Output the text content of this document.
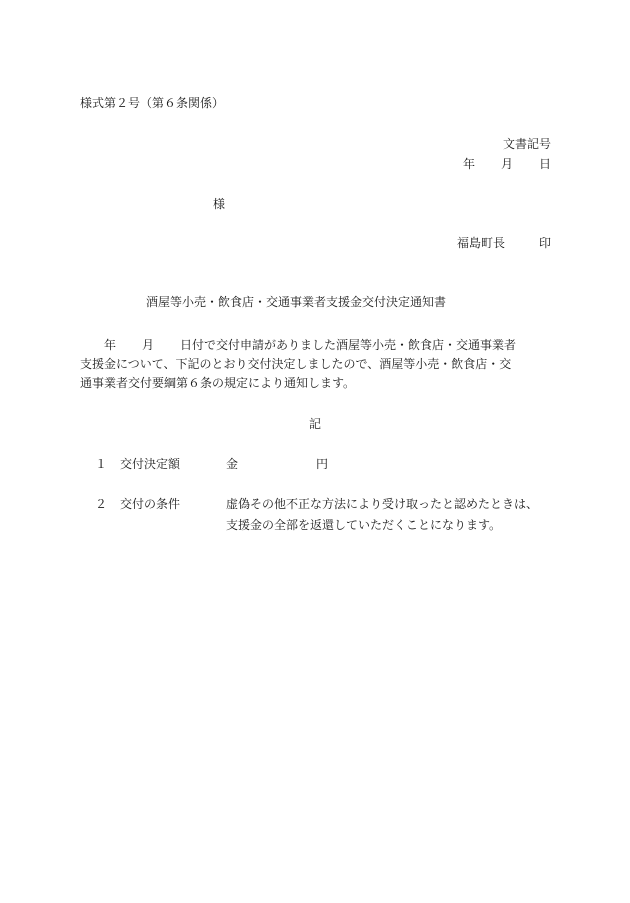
様式第２号（第６条関係）
文書記号
年 月 日
様
福島町長	印
酒屋等小売・飲食店・交通事業者支援金交付決定通知書
年 月 日付で交付申請がありました酒屋等小売・飲食店・交通事業者
支援金について、下記のとおり交付決定しましたので、酒屋等小売・飲食店・交
通事業者交付要綱第６条の規定により通知します。
記
１ 交付決定額	金	円
２ 交付の条件	虚偽その他不正な方法により受け取ったと認めたときは、
支援金の全部を返還していただくことになります。
